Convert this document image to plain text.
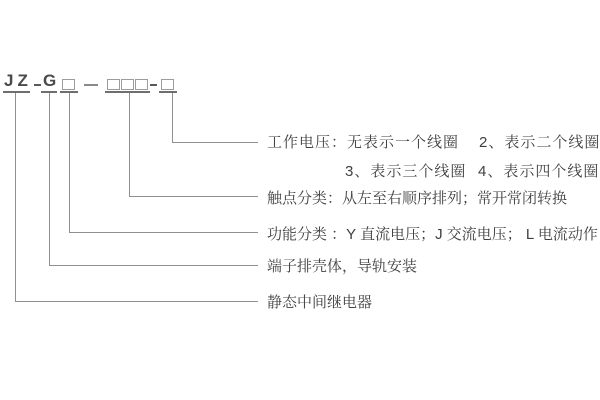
JZ G
工作电压：无表示一个线圈 2、表示二个线圈
3、表示三个线圈 4、表示四个线圈
触点分类：从左至右顺序排列；常开常闭转换
功能分类 ：Y 直流电压；J 交流电压； L 电流动作
端子排壳体，导轨安装
静态中间继电器
